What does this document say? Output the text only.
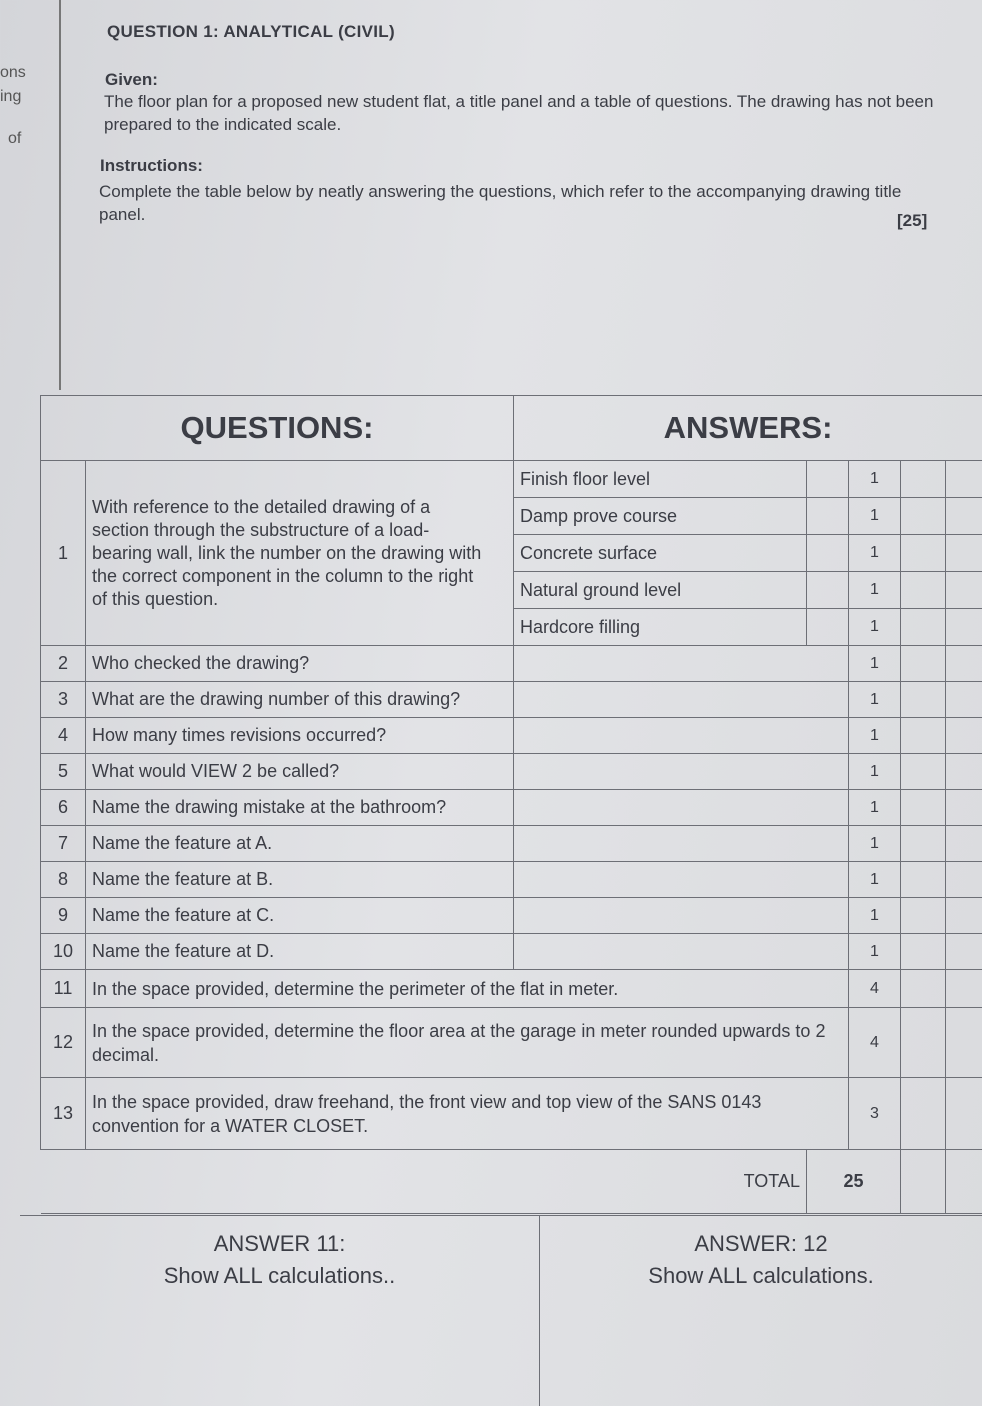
ons
ing
of
QUESTION 1: ANALYTICAL (CIVIL)
Given:
The floor plan for a proposed new student flat, a title panel and a table of questions. The drawing has not been prepared to the indicated scale.
Instructions:
Complete the table below by neatly answering the questions, which refer to the accompanying drawing title panel.	[25]
QUESTIONS:		ANSWERS:				
1	With reference to the detailed drawing of a section through the substructure of a load-bearing wall, link the number on the drawing with the correct component in the column to the right of this question.	Finish floor level		1		
		Damp prove course		1		
		Concrete surface		1		
		Natural ground level		1		
		Hardcore filling		1		
2	Who checked the drawing?			1		
3	What are the drawing number of this drawing?			1		
4	How many times revisions occurred?			1		
5	What would VIEW 2 be called?			1		
6	Name the drawing mistake at the bathroom?			1		
7	Name the feature at A.			1		
8	Name the feature at B.			1		
9	Name the feature at C.			1		
10	Name the feature at D.			1		
11	In the space provided, determine the perimeter of the flat in meter.			4		
12	In the space provided, determine the floor area at the garage in meter rounded upwards to 2 decimal.			4		
13	In the space provided, draw freehand, the front view and top view of the SANS 0143 convention for a WATER CLOSET.			3		
TOTAL			25			
ANSWER 11:
Show ALL calculations..
ANSWER: 12
Show ALL calculations.
